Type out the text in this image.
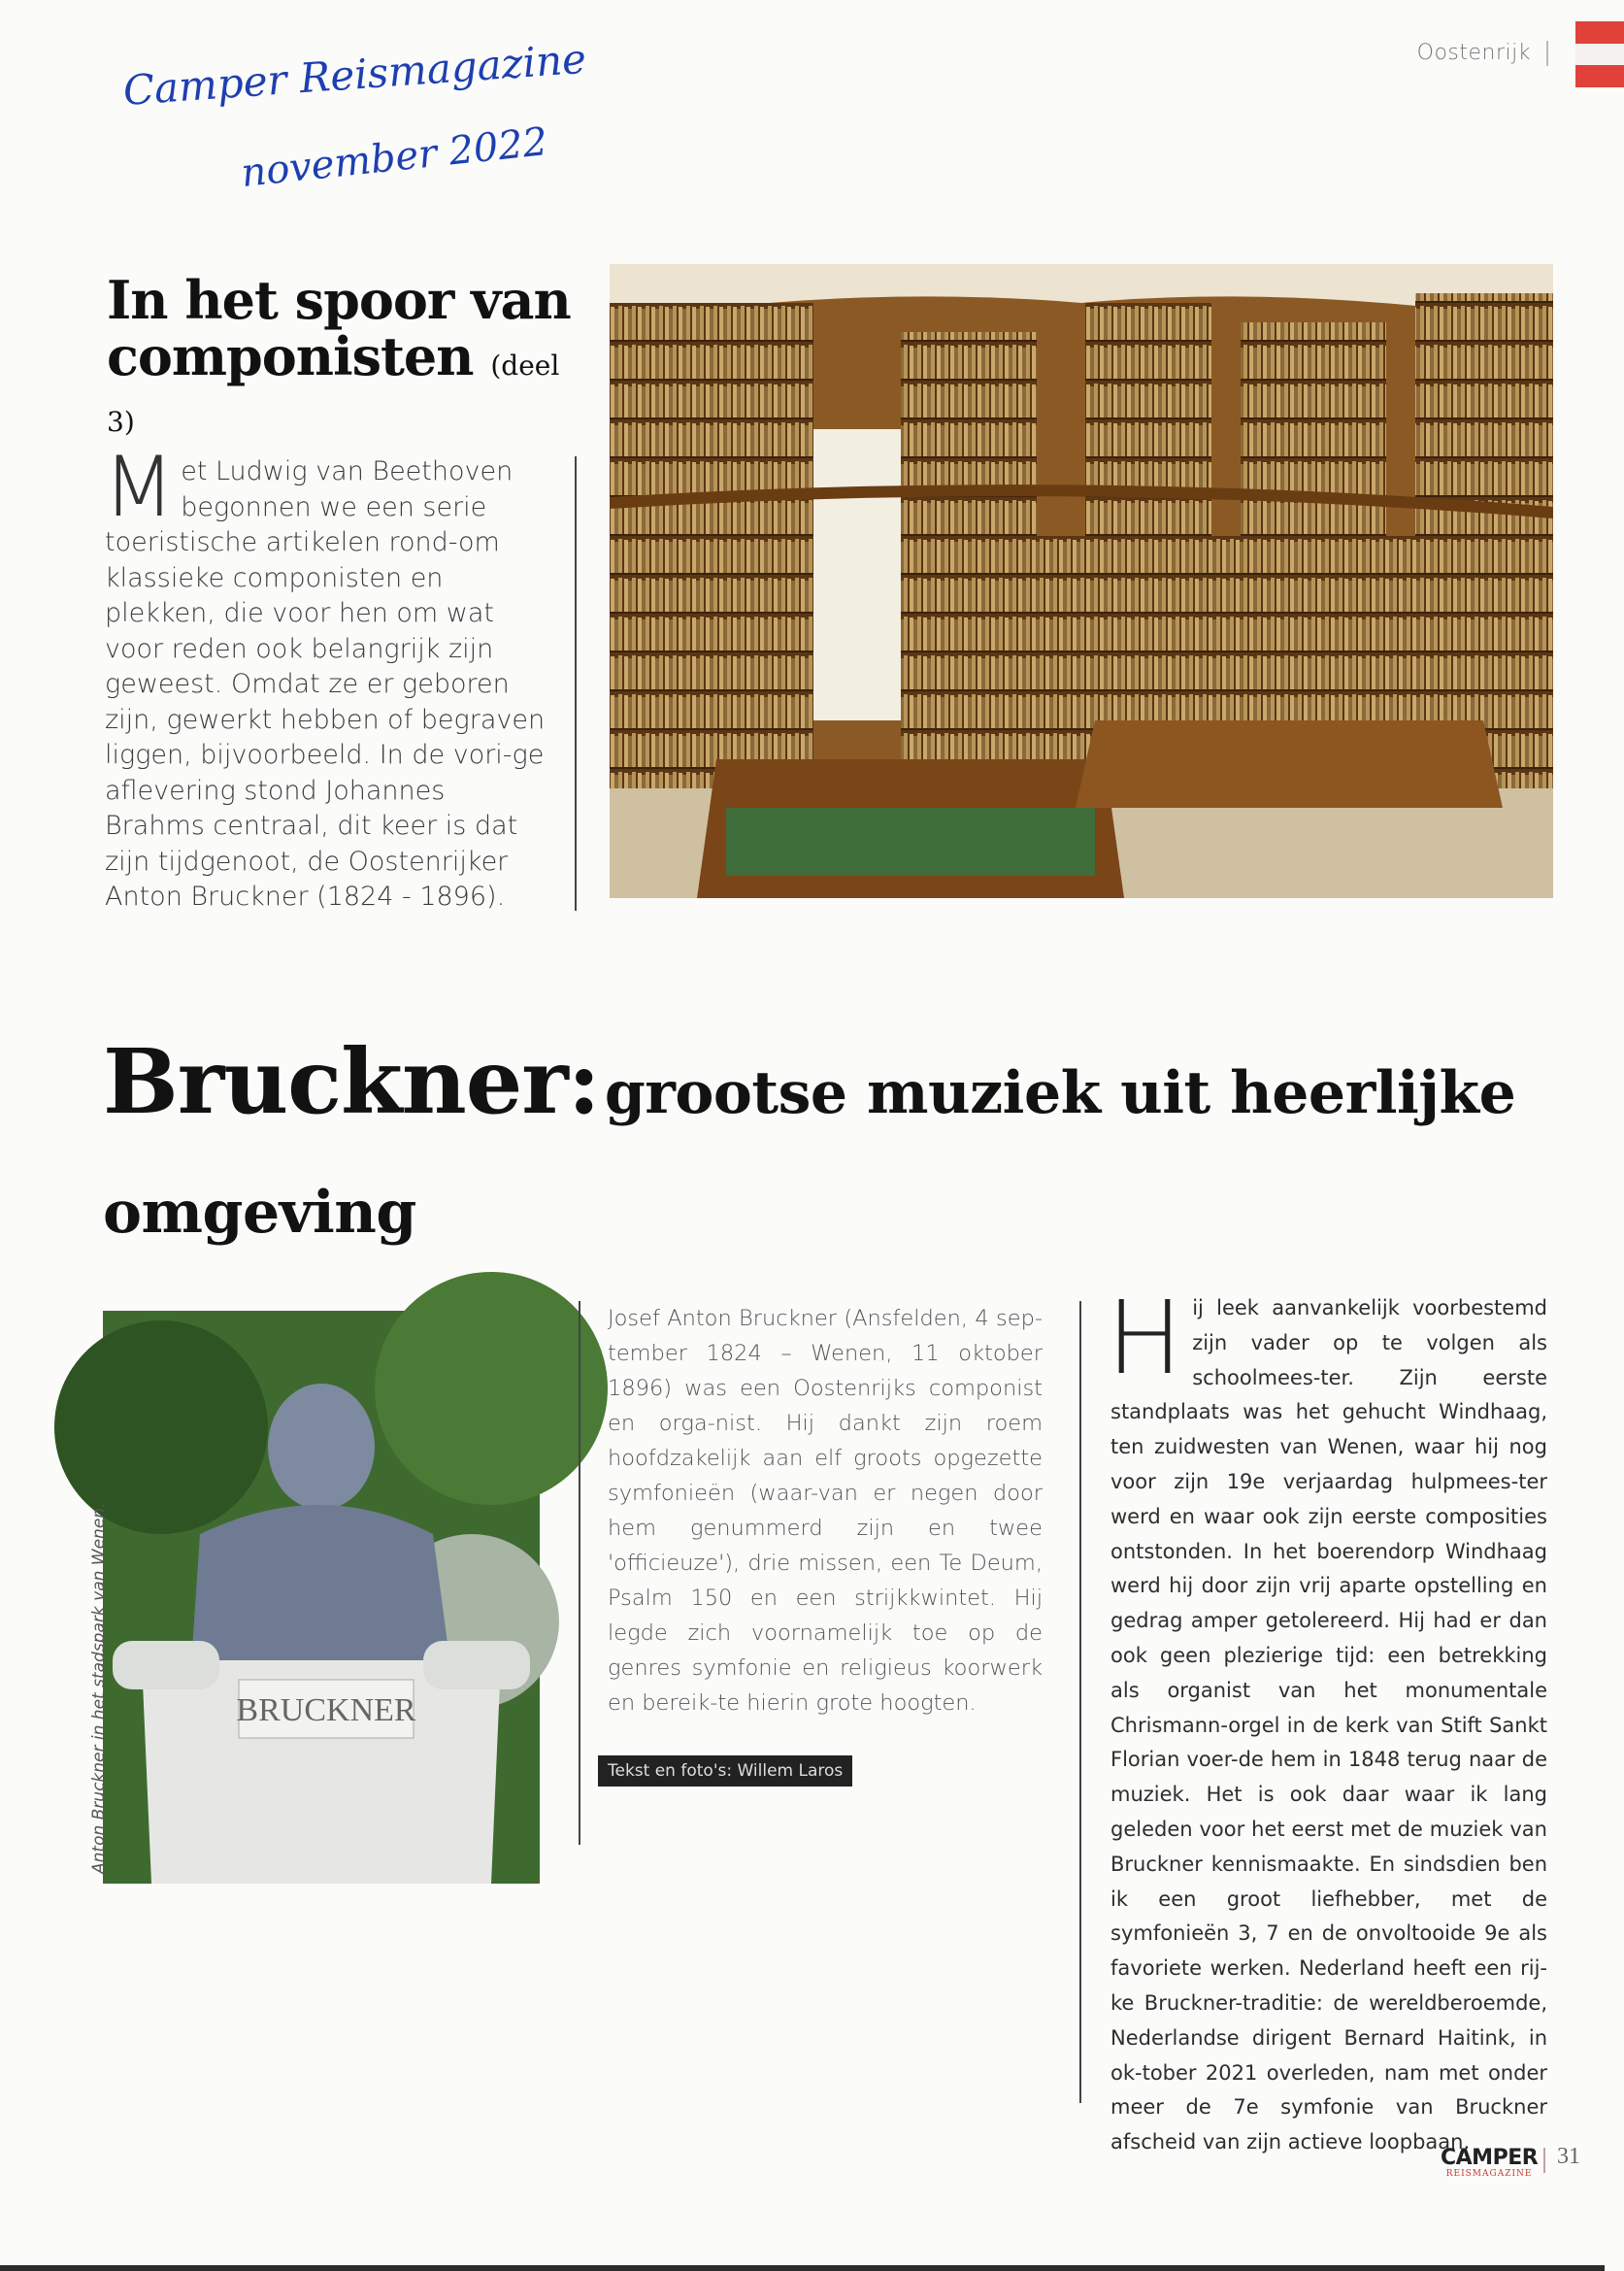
Oostenrijk
Camper Reismagazine
november 2022
In het spoor van componisten (deel 3)
Met Ludwig van Beethoven begonnen we een serie toeristische artikelen rond-om klassieke componisten en plekken, die voor hen om wat voor reden ook belangrijk zijn geweest. Omdat ze er geboren zijn, gewerkt hebben of begraven liggen, bijvoorbeeld. In de vori-ge aflevering stond Johannes Brahms centraal, dit keer is dat zijn tijdgenoot, de Oostenrijker Anton Bruckner (1824 - 1896).
Bruckner: grootse muziek uit heerlijke omgeving
BRUCKNER
Anton Bruckner in het stadspark van Wenen.
Josef Anton Bruckner (Ansfelden, 4 sep-tember 1824 – Wenen, 11 oktober 1896) was een Oostenrijks componist en orga-nist. Hij dankt zijn roem hoofdzakelijk aan elf groots opgezette symfonieën (waar-van er negen door hem genummerd zijn en twee 'officieuze'), drie missen, een Te Deum, Psalm 150 en een strijkkwintet. Hij legde zich voornamelijk toe op de genres symfonie en religieus koorwerk en bereik-te hierin grote hoogten.
Tekst en foto's: Willem Laros
Hij leek aanvankelijk voorbestemd zijn vader op te volgen als schoolmees-ter. Zijn eerste standplaats was het gehucht Windhaag, ten zuidwesten van Wenen, waar hij nog voor zijn 19e verjaardag hulpmees-ter werd en waar ook zijn eerste composities ontstonden. In het boerendorp Windhaag werd hij door zijn vrij aparte opstelling en gedrag amper getolereerd. Hij had er dan ook geen plezierige tijd: een betrekking als organist van het monumentale Chrismann-orgel in de kerk van Stift Sankt Florian voer-de hem in 1848 terug naar de muziek. Het is ook daar waar ik lang geleden voor het eerst met de muziek van Bruckner kennismaakte. En sindsdien ben ik een groot liefhebber, met de symfonieën 3, 7 en de onvoltooide 9e als favoriete werken. Nederland heeft een rij-ke Bruckner-traditie: de wereldberoemde, Nederlandse dirigent Bernard Haitink, in ok-tober 2021 overleden, nam met onder meer de 7e symfonie van Bruckner afscheid van zijn actieve loopbaan.
CAMPER
REISMAGAZINE
31
